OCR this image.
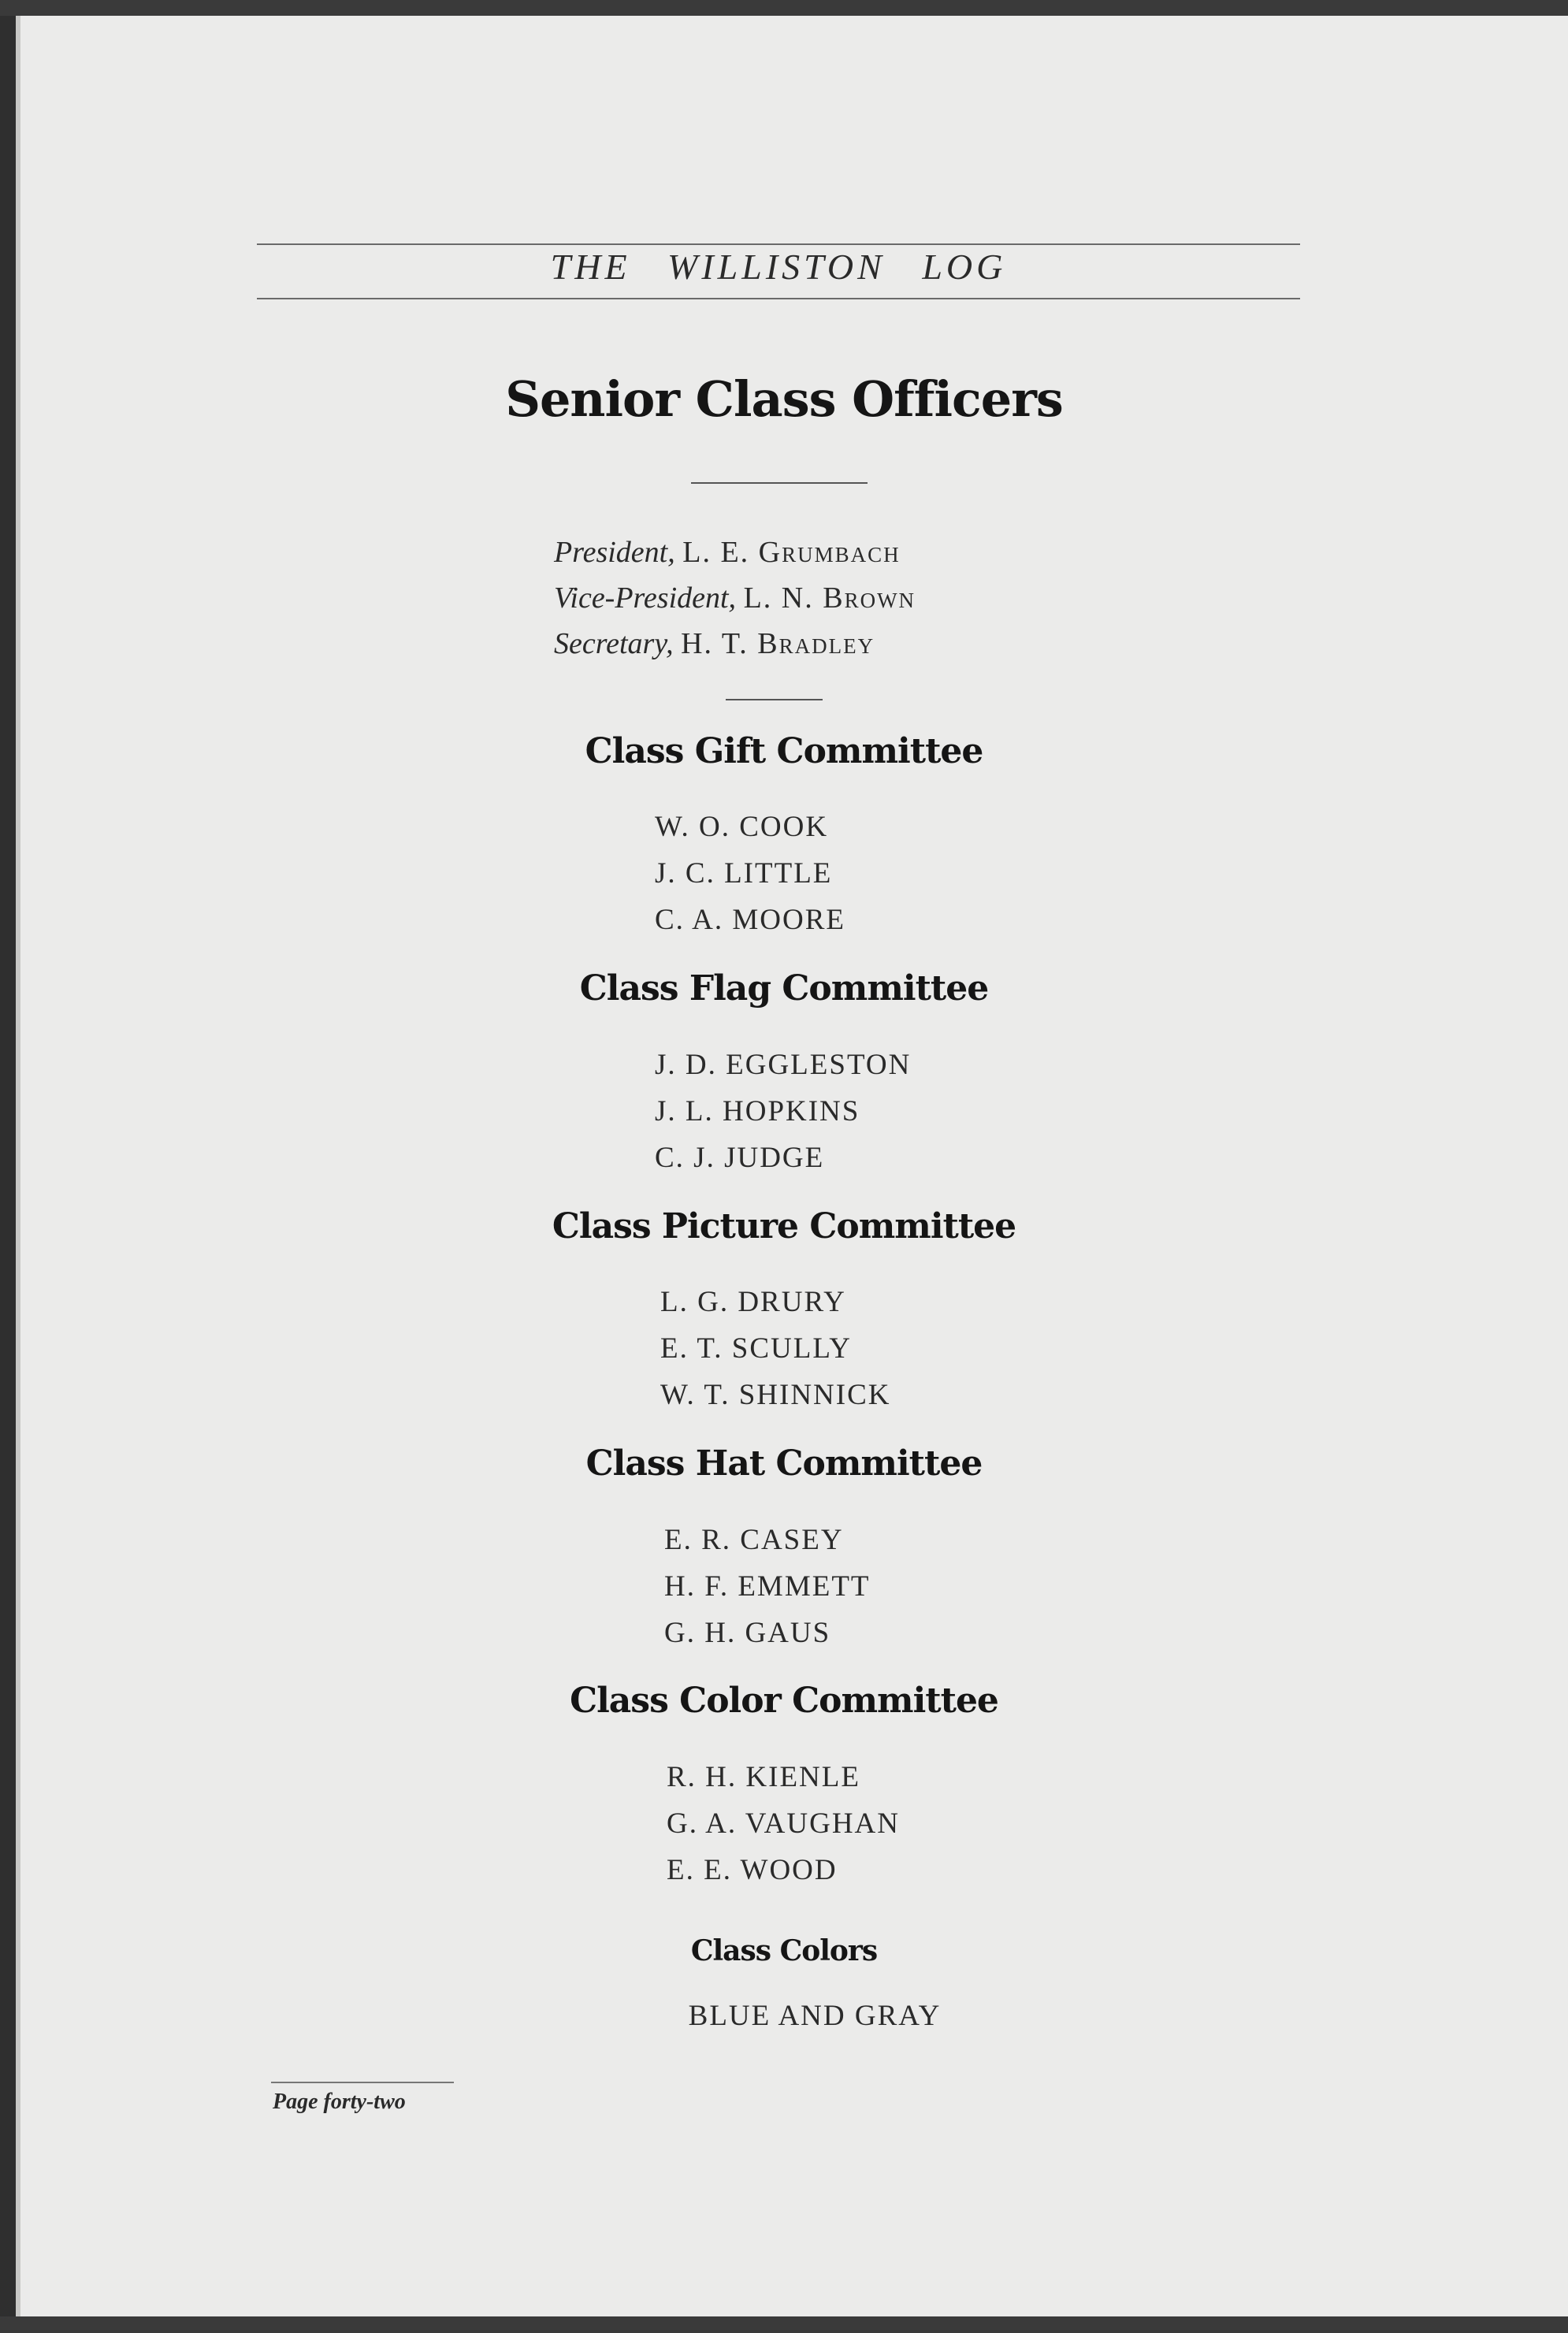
THE WILLISTON LOG
Senior Class Officers
President, L. E. Grumbach
Vice-President, L. N. Brown
Secretary, H. T. Bradley
Class Gift Committee
W. O. COOK
J. C. LITTLE
C. A. MOORE
Class Flag Committee
J. D. EGGLESTON
J. L. HOPKINS
C. J. JUDGE
Class Picture Committee
L. G. DRURY
E. T. SCULLY
W. T. SHINNICK
Class Hat Committee
E. R. CASEY
H. F. EMMETT
G. H. GAUS
Class Color Committee
R. H. KIENLE
G. A. VAUGHAN
E. E. WOOD
Class Colors
BLUE AND GRAY
Page forty-two
